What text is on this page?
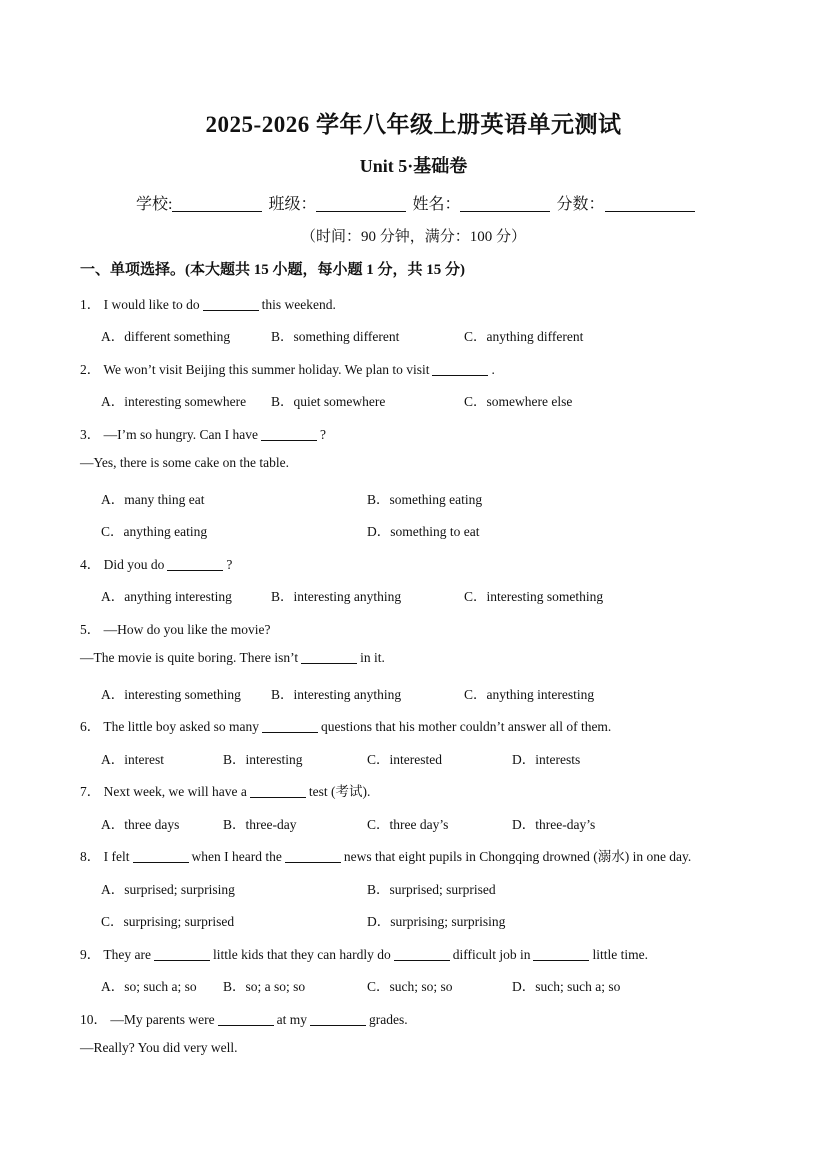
2025-2026 学年八年级上册英语单元测试
Unit 5·基础卷
学校:	班级：	姓名：	分数：
（时间：90 分钟，满分：100 分）
一、单项选择。(本大题共 15 小题，每小题 1 分，共 15 分)
1． I would like to do	this weekend.
A．different something	B．something different	C．anything different
2． We won’t visit Beijing this summer holiday. We plan to visit	.
A．interesting somewhere B．quiet somewhere	C．somewhere else
3． —I’m so hungry. Can I have	?
—Yes, there is some cake on the table.
A．many thing eat	B．something eating
C．anything eating	D．something to eat
4． Did you do	?
A．anything interesting	B．interesting anything	C．interesting something
5． —How do you like the movie?
—The movie is quite boring. There isn’t	in it.
A．interesting something B．interesting anything	C．anything interesting
6． The little boy asked so many	questions that his mother couldn’t answer all of them.
A．interest	B．interesting	C．interested	D．interests
7． Next week, we will have a	test (考试).
A．three days	B．three-day	C．three day’s	D．three-day’s
8． I felt	when I heard the	news that eight pupils in Chongqing drowned (溺水) in one day.
A．surprised; surprising	B．surprised; surprised
C．surprising; surprised	D．surprising; surprising
9． They are	little kids that they can hardly do	difficult job in	little time.
A．so; such a; so B．so; a so; so	C．such; so; so	D．such; such a; so
10． —My parents were	at my	grades.
—Really? You did very well.
